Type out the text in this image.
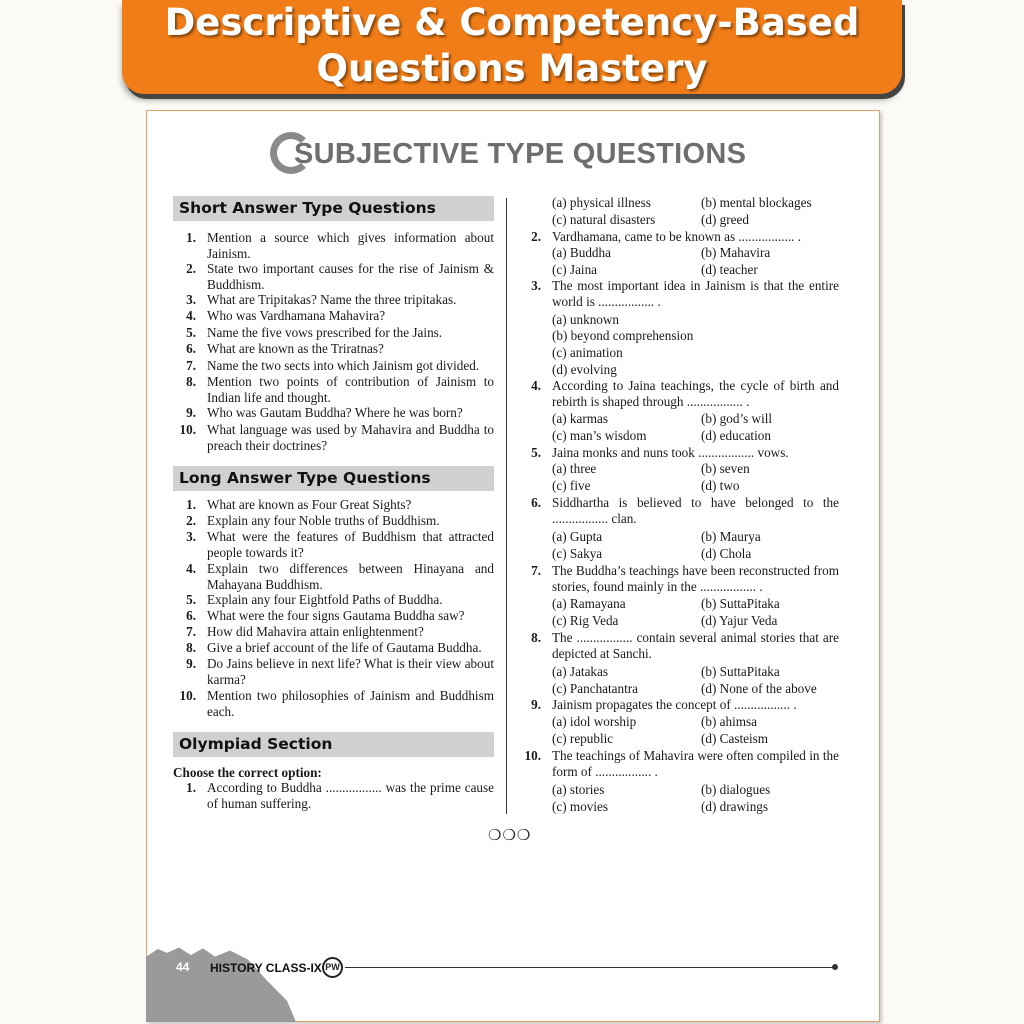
Descriptive & Competency-Based
Questions Mastery
SUBJECTIVE TYPE QUESTIONS
Short Answer Type Questions
1. Mention a source which gives information about Jainism.
2. State two important causes for the rise of Jainism & Buddhism.
3. What are Tripitakas? Name the three tripitakas.
4. Who was Vardhamana Mahavira?
5. Name the five vows prescribed for the Jains.
6. What are known as the Triratnas?
7. Name the two sects into which Jainism got divided.
8. Mention two points of contribution of Jainism to Indian life and thought.
9. Who was Gautam Buddha? Where he was born?
10. What language was used by Mahavira and Buddha to preach their doctrines?
Long Answer Type Questions
1. What are known as Four Great Sights?
2. Explain any four Noble truths of Buddhism.
3. What were the features of Buddhism that attracted people towards it?
4. Explain two differences between Hinayana and Mahayana Buddhism.
5. Explain any four Eightfold Paths of Buddha.
6. What were the four signs Gautama Buddha saw?
7. How did Mahavira attain enlightenment?
8. Give a brief account of the life of Gautama Buddha.
9. Do Jains believe in next life? What is their view about karma?
10. Mention two philosophies of Jainism and Buddhism each.
Olympiad Section
Choose the correct option:
1. According to Buddha ................. was the prime cause of human suffering.
(a) physical illness	(b) mental blockages
(c) natural disasters	(d) greed
2. Vardhamana, came to be known as ................. .
(a) Buddha	(b) Mahavira
(c) Jaina	(d) teacher
3. The most important idea in Jainism is that the entire world is ................. .
(a) unknown
(b) beyond comprehension
(c) animation
(d) evolving
4. According to Jaina teachings, the cycle of birth and rebirth is shaped through ................. .
(a) karmas	(b) god’s will
(c) man’s wisdom	(d) education
5. Jaina monks and nuns took ................. vows.
(a) three	(b) seven
(c) five	(d) two
6. Siddhartha is believed to have belonged to the ................. clan.
(a) Gupta	(b) Maurya
(c) Sakya	(d) Chola
7. The Buddha’s teachings have been reconstructed from stories, found mainly in the ................. .
(a) Ramayana	(b) SuttaPitaka
(c) Rig Veda	(d) Yajur Veda
8. The ................. contain several animal stories that are depicted at Sanchi.
(a) Jatakas	(b) SuttaPitaka
(c) Panchatantra	(d) None of the above
9. Jainism propagates the concept of ................. .
(a) idol worship	(b) ahimsa
(c) republic	(d) Casteism
10. The teachings of Mahavira were often compiled in the form of ................. .
(a) stories	(b) dialogues
(c) movies	(d) drawings
❍❍❍
44 HISTORY CLASS-IX PW
